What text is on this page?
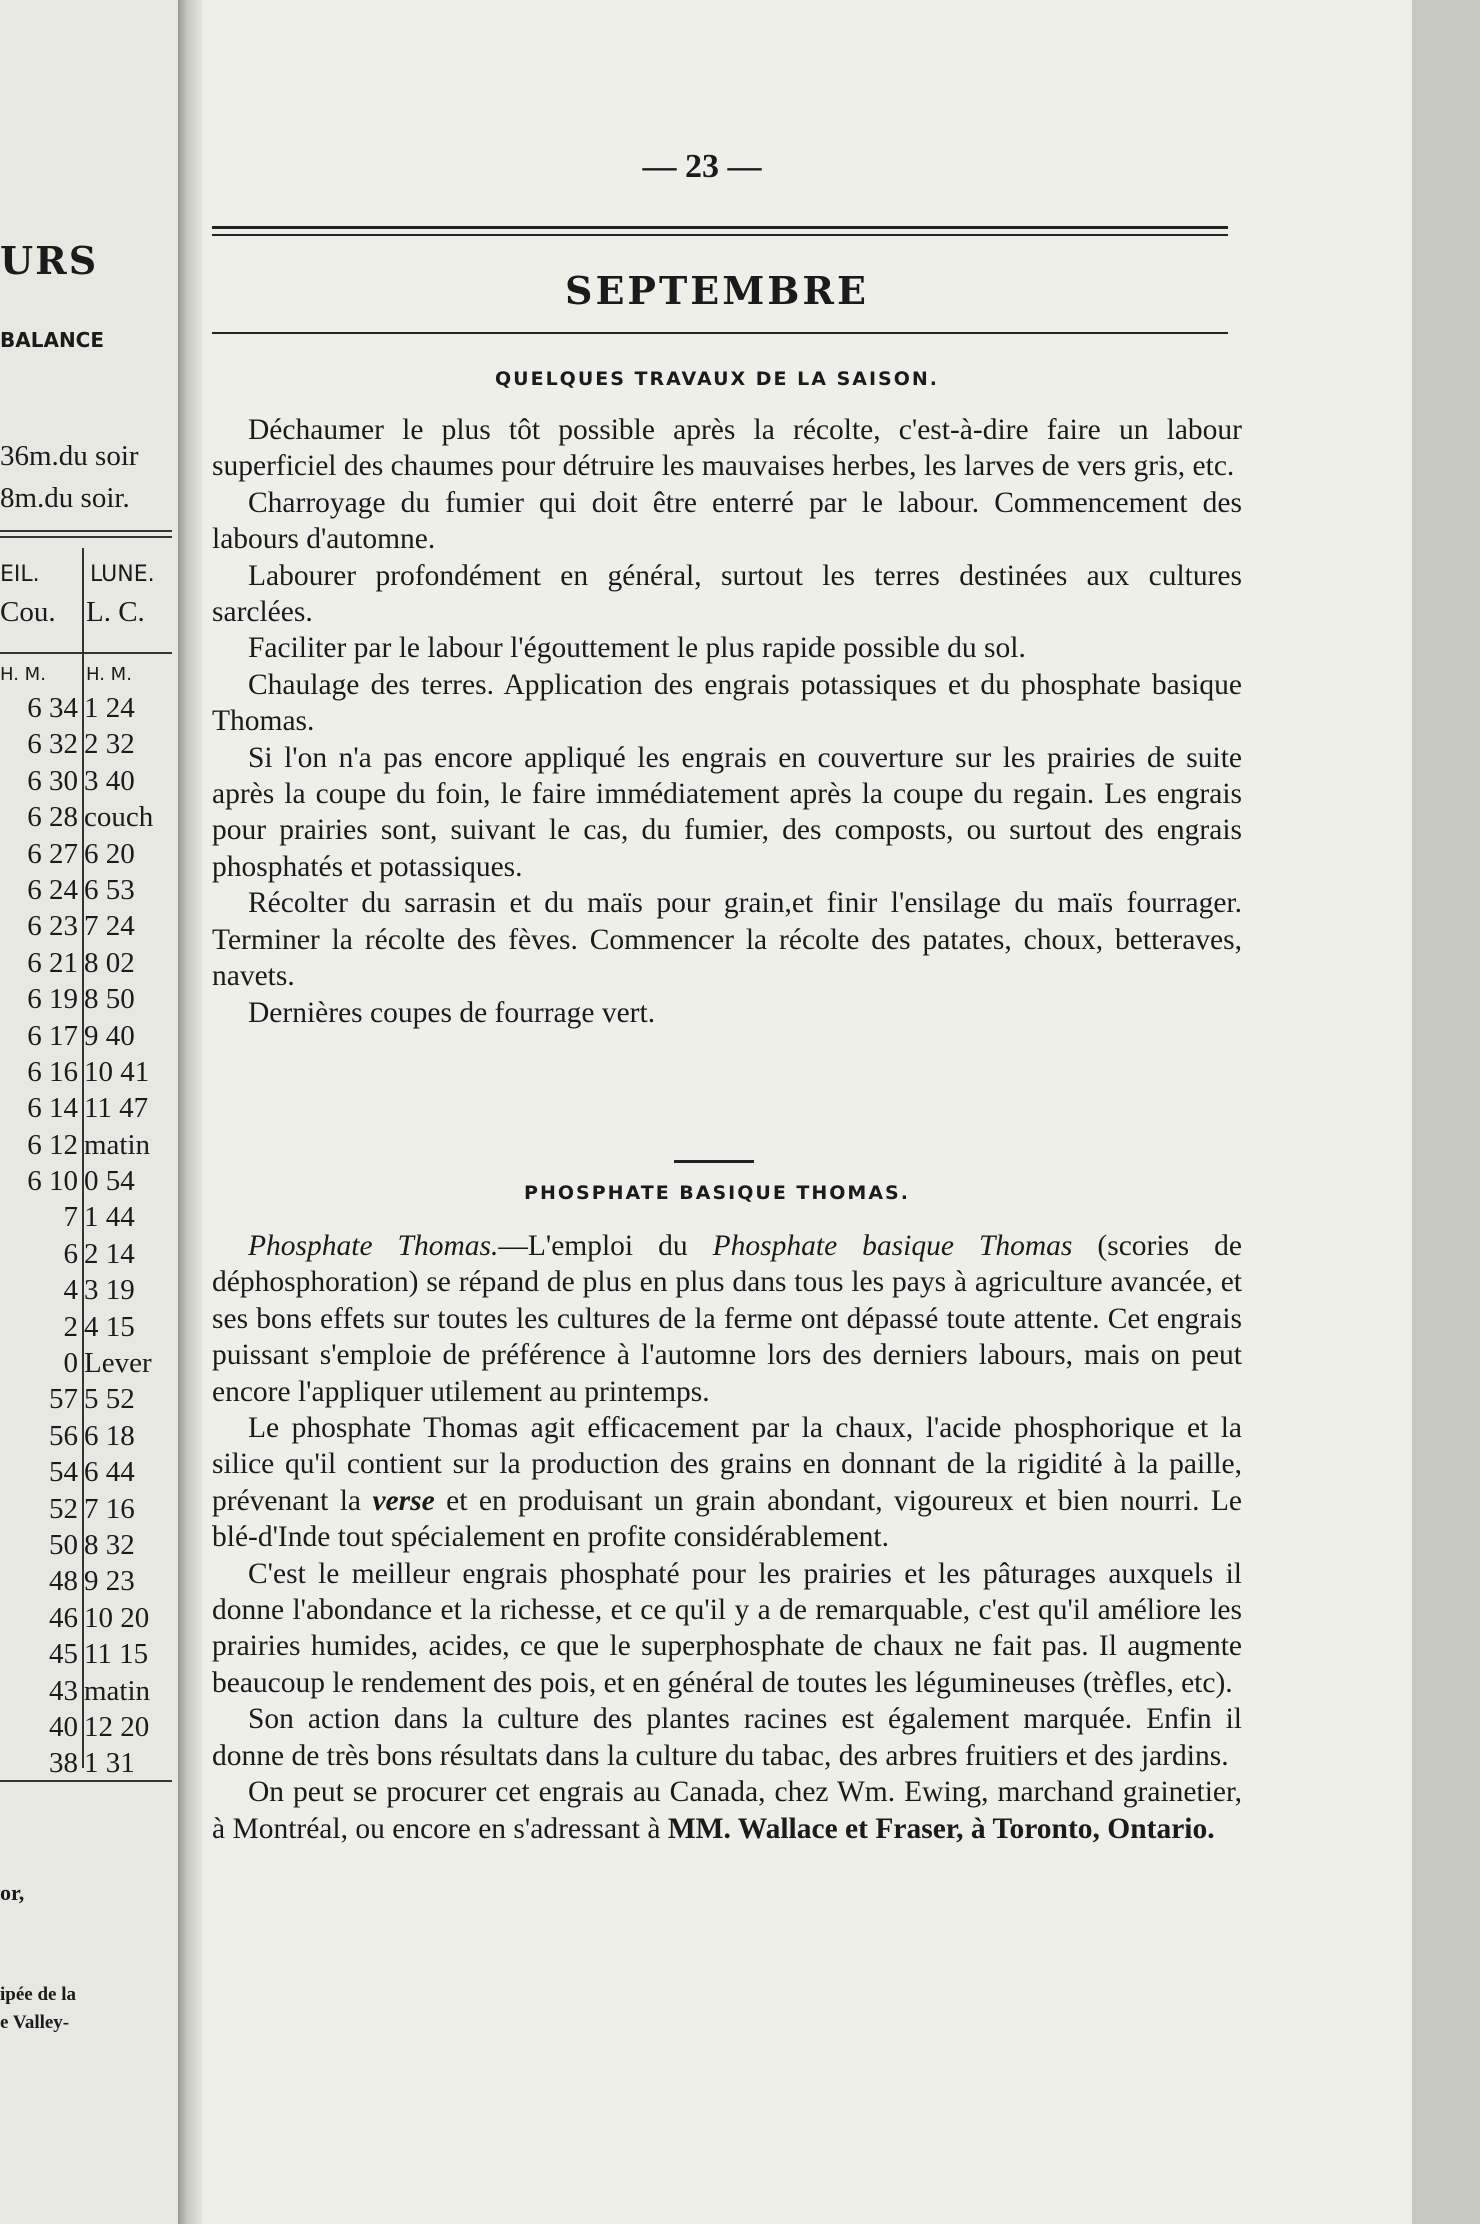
URS
BALANCE
36m.du soir
8m.du soir.
EIL. LUNE.
Cou. L. C.
H. M. H. M.
6 34 1 24
6 32 2 32
6 30 3 40
6 28 couch
6 27 6 20
6 24 6 53
6 23 7 24
6 21 8 02
6 19 8 50
6 17 9 40
6 16 10 41
6 14 11 47
6 12 matin
6 10 0 54
7 1 44
6 2 14
4 3 19
2 4 15
0 Lever
57 5 52
56 6 18
54 6 44
52 7 16
50 8 32
48 9 23
46 10 20
45 11 15
43 matin
40 12 20
38 1 31
or,
ipée de la
e Valley-
— 23 —
SEPTEMBRE
QUELQUES TRAVAUX DE LA SAISON.

Déchaumer le plus tôt possible après la récolte, c'est-à-dire faire un labour superficiel des chaumes pour détruire les mauvaises herbes, les larves de vers gris, etc.

Charroyage du fumier qui doit être enterré par le labour. Commencement des labours d'automne.

Labourer profondément en général, surtout les terres destinées aux cultures sarclées.

Faciliter par le labour l'égouttement le plus rapide possible du sol.

Chaulage des terres. Application des engrais potassiques et du phosphate basique Thomas.

Si l'on n'a pas encore appliqué les engrais en couverture sur les prairies de suite après la coupe du foin, le faire immédiatement après la coupe du regain. Les engrais pour prairies sont, suivant le cas, du fumier, des composts, ou surtout des engrais phosphatés et potassiques.

Récolter du sarrasin et du maïs pour grain,et finir l'ensilage du maïs fourrager. Terminer la récolte des fèves. Commencer la récolte des patates, choux, betteraves, navets.

Dernières coupes de fourrage vert.

PHOSPHATE BASIQUE THOMAS.

Phosphate Thomas.—L'emploi du Phosphate basique Thomas (scories de déphosphoration) se répand de plus en plus dans tous les pays à agriculture avancée, et ses bons effets sur toutes les cultures de la ferme ont dépassé toute attente. Cet engrais puissant s'emploie de préférence à l'automne lors des derniers labours, mais on peut encore l'appliquer utilement au printemps.

Le phosphate Thomas agit efficacement par la chaux, l'acide phosphorique et la silice qu'il contient sur la production des grains en donnant de la rigidité à la paille, prévenant la verse et en produisant un grain abondant, vigoureux et bien nourri. Le blé-d'Inde tout spécialement en profite considérablement.

C'est le meilleur engrais phosphaté pour les prairies et les pâturages auxquels il donne l'abondance et la richesse, et ce qu'il y a de remarquable, c'est qu'il améliore les prairies humides, acides, ce que le superphosphate de chaux ne fait pas. Il augmente beaucoup le rendement des pois, et en général de toutes les légumineuses (trèfles, etc).

Son action dans la culture des plantes racines est également marquée. Enfin il donne de très bons résultats dans la culture du tabac, des arbres fruitiers et des jardins.

On peut se procurer cet engrais au Canada, chez Wm. Ewing, marchand grainetier, à Montréal, ou encore en s'adressant à MM. Wallace et Fraser, à Toronto, Ontario.
